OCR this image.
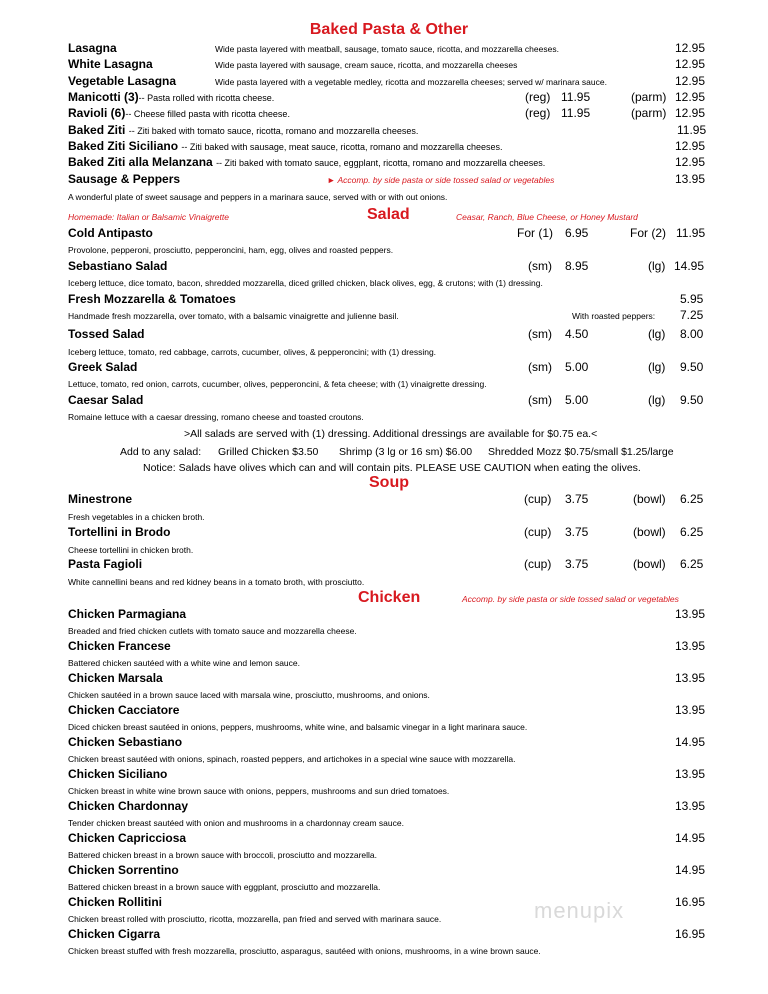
Baked Pasta & Other
Lasagna	Wide pasta layered with meatball, sausage, tomato sauce, ricotta, and mozzarella cheeses.	12.95
White Lasagna	Wide pasta layered with sausage, cream sauce, ricotta, and mozzarella cheeses	12.95
Vegetable Lasagna	Wide pasta layered with a vegetable medley, ricotta and mozzarella cheeses; served w/ marinara sauce.	12.95
Manicotti (3)-- Pasta rolled with ricotta cheese.	(reg) 11.95	(parm) 12.95
Ravioli (6)-- Cheese filled pasta with ricotta cheese.	(reg) 11.95	(parm) 12.95
Baked Ziti -- Ziti baked with tomato sauce, ricotta, romano and mozzarella cheeses.	11.95
Baked Ziti Siciliano -- Ziti baked with sausage, meat sauce, ricotta, romano and mozzarella cheeses.	12.95
Baked Ziti alla Melanzana -- Ziti baked with tomato sauce, eggplant, ricotta, romano and mozzarella cheeses.	12.95
Sausage & Peppers	► Accomp. by side pasta or side tossed salad or vegetables	13.95
A wonderful plate of sweet sausage and peppers in a marinara sauce, served with or with out onions.
Homemade: Italian or Balsamic Vinaigrette	Salad	Ceasar, Ranch, Blue Cheese, or Honey Mustard
Cold Antipasto	For (1) 6.95	For (2) 11.95
Provolone, pepperoni, prosciutto, pepperoncini, ham, egg, olives and roasted peppers.
Sebastiano Salad	(sm) 8.95	(lg) 14.95
Iceberg lettuce, dice tomato, bacon, shredded mozzarella, diced grilled chicken, black olives, egg, & crutons; with (1) dressing.
Fresh Mozzarella & Tomatoes	5.95
Handmade fresh mozzarella, over tomato, with a balsamic vinaigrette and julienne basil.	With roasted peppers: 7.25
Tossed Salad	(sm) 4.50	(lg) 8.00
Iceberg lettuce, tomato, red cabbage, carrots, cucumber, olives, & pepperoncini; with (1) dressing.
Greek Salad	(sm) 5.00	(lg) 9.50
Lettuce, tomato, red onion, carrots, cucumber, olives, pepperoncini, & feta cheese; with (1) vinaigrette dressing.
Caesar Salad	(sm) 5.00	(lg) 9.50
Romaine lettuce with a caesar dressing, romano cheese and toasted croutons.
>All salads are served with (1) dressing. Additional dressings are available for $0.75 ea.<
Add to any salad: Grilled Chicken $3.50 Shrimp (3 lg or 16 sm) $6.00 Shredded Mozz $0.75/small $1.25/large
Notice: Salads have olives which can and will contain pits. PLEASE USE CAUTION when eating the olives.
Soup
Minestrone	(cup) 3.75	(bowl) 6.25
Fresh vegetables in a chicken broth.
Tortellini in Brodo	(cup) 3.75	(bowl) 6.25
Cheese tortellini in chicken broth.
Pasta Fagioli	(cup) 3.75	(bowl) 6.25
White cannellini beans and red kidney beans in a tomato broth, with prosciutto.
Chicken	Accomp. by side pasta or side tossed salad or vegetables
Chicken Parmagiana	13.95
Breaded and fried chicken cutlets with tomato sauce and mozzarella cheese.
Chicken Francese	13.95
Battered chicken sautéed with a white wine and lemon sauce.
Chicken Marsala	13.95
Chicken sautéed in a brown sauce laced with marsala wine, prosciutto, mushrooms, and onions.
Chicken Cacciatore	13.95
Diced chicken breast sautéed in onions, peppers, mushrooms, white wine, and balsamic vinegar in a light marinara sauce.
Chicken Sebastiano	14.95
Chicken breast sautéed with onions, spinach, roasted peppers, and artichokes in a special wine sauce with mozzarella.
Chicken Siciliano	13.95
Chicken breast in white wine brown sauce with onions, peppers, mushrooms and sun dried tomatoes.
Chicken Chardonnay	13.95
Tender chicken breast sautéed with onion and mushrooms in a chardonnay cream sauce.
Chicken Capricciosa	14.95
Battered chicken breast in a brown sauce with broccoli, prosciutto and mozzarella.
Chicken Sorrentino	14.95
Battered chicken breast in a brown sauce with eggplant, prosciutto and mozzarella.
Chicken Rollitini	16.95
Chicken breast rolled with prosciutto, ricotta, mozzarella, pan fried and served with marinara sauce.
Chicken Cigarra	16.95
Chicken breast stuffed with fresh mozzarella, prosciutto, asparagus, sautéed with onions, mushrooms, in a wine brown sauce.
menupix
